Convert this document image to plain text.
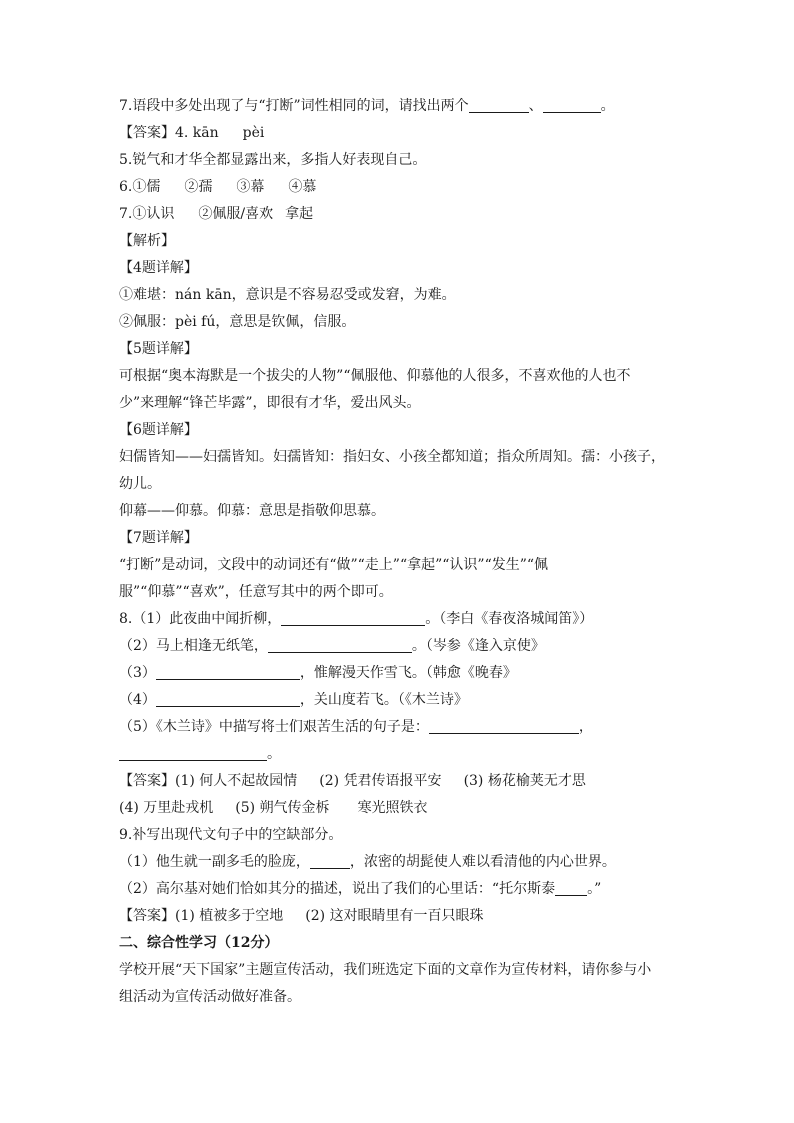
7.语段中多处出现了与“打断”词性相同的词，请找出两个	、	。
【答案】4. kān pèi
5.锐气和才华全都显露出来，多指人好表现自己。
6.①儒 ②孺 ③幕 ④慕
7.①认识 ②佩服/喜欢 拿起
【解析】
【4题详解】
①难堪：nán kān，意识是不容易忍受或发窘，为难。
②佩服：pèi fú，意思是钦佩，信服。
【5题详解】
可根据“奥本海默是一个拔尖的人物”“佩服他、仰慕他的人很多，不喜欢他的人也不
少”来理解“锋芒毕露”，即很有才华，爱出风头。
【6题详解】
妇儒皆知——妇孺皆知。妇孺皆知：指妇女、小孩全都知道；指众所周知。孺：小孩子，
幼儿。
仰幕——仰慕。仰慕：意思是指敬仰思慕。
【7题详解】
“打断”是动词，文段中的动词还有“做”“走上”“拿起”“认识”“发生”“佩
服”“仰慕”“喜欢”，任意写其中的两个即可。
8.（1）此夜曲中闻折柳，	。（李白《春夜洛城闻笛》）
（2）马上相逢无纸笔，	。（岑参《逢入京使》
（3）	，惟解漫天作雪飞。（韩愈《晚春》
（4）	，关山度若飞。（《木兰诗》
（5）《木兰诗》中描写将士们艰苦生活的句子是：	，
。
【答案】(1) 何人不起故园情 (2) 凭君传语报平安 (3) 杨花榆荚无才思
(4) 万里赴戎机 (5) 朔气传金柝 寒光照铁衣
9.补写出现代文句子中的空缺部分。
（1）他生就一副多毛的脸庞，	，浓密的胡髭使人难以看清他的内心世界。
（2）高尔基对她们恰如其分的描述，说出了我们的心里话：“托尔斯泰 。”
【答案】(1) 植被多于空地 (2) 这对眼睛里有一百只眼珠
二、综合性学习（12分）
学校开展“天下国家”主题宣传活动，我们班选定下面的文章作为宣传材料，请你参与小
组活动为宣传活动做好准备。
